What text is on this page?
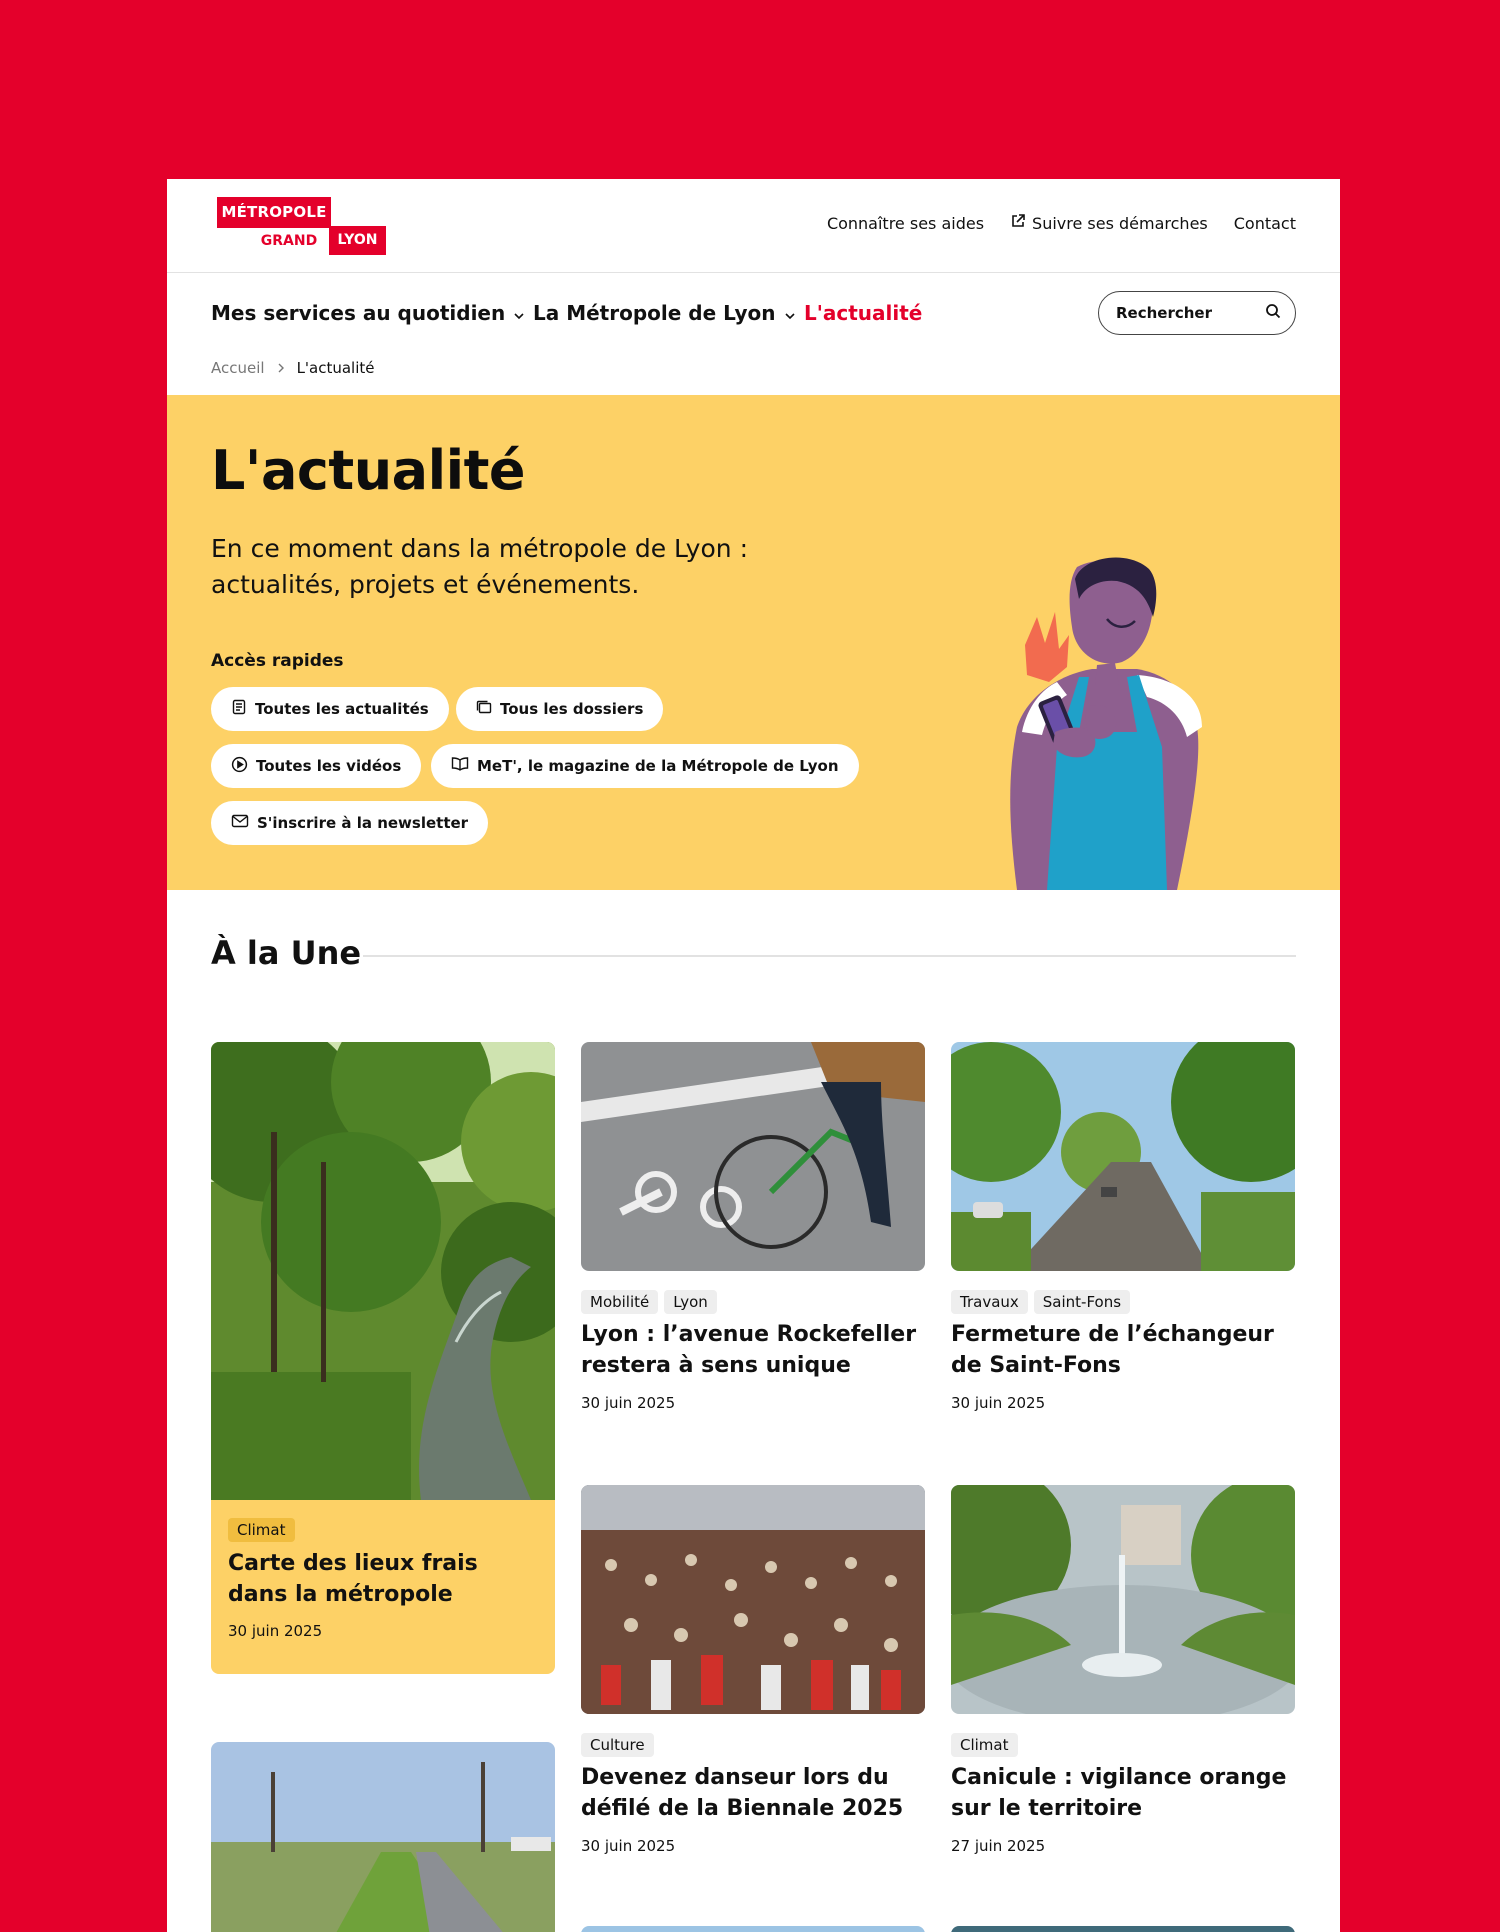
MÉTROPOLE
GRAND	LYON
Connaître ses aides	Suivre ses démarches Contact
Mes services au quotidien La Métropole de Lyon L'actualité	Rechercher
Accueil L'actualité
L'actualité
En ce moment dans la métropole de Lyon : actualités, projets et événements.
Accès rapides
Toutes les actualités	Tous les dossiers
Toutes les vidéos	MeT', le magazine de la Métropole de Lyon
S'inscrire à la newsletter
À la Une
Climat
Carte des lieux frais dans la métropole
30 juin 2025
Mobilité	Lyon
Lyon : l’avenue Rockefeller restera à sens unique
30 juin 2025
Travaux	Saint-Fons
Fermeture de l’échangeur de Saint-Fons
30 juin 2025
Culture
Devenez danseur lors du défilé de la Biennale 2025
30 juin 2025
Climat
Canicule : vigilance orange sur le territoire
27 juin 2025
